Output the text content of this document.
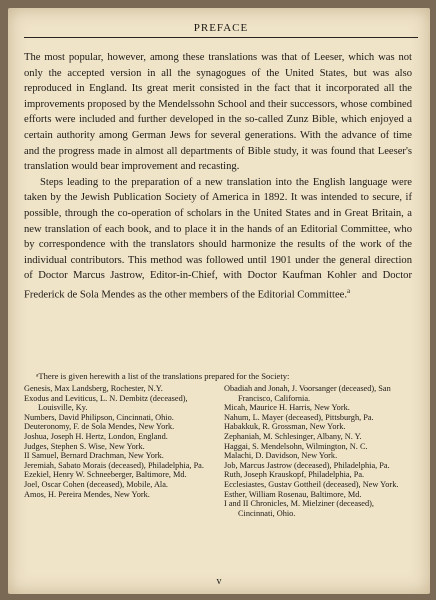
PREFACE

The most popular, however, among these translations was that of Leeser, which was not only the accepted version in all the synagogues of the United States, but was also reproduced in England. Its great merit consisted in the fact that it incorporated all the improvements proposed by the Mendelssohn School and their successors, whose combined efforts were included and further developed in the so-called Zunz Bible, which enjoyed a certain authority among German Jews for several generations. With the advance of time and the progress made in almost all departments of Bible study, it was found that Leeser's translation would bear improvement and recasting.

Steps leading to the preparation of a new translation into the English language were taken by the Jewish Publication Society of America in 1892. It was intended to secure, if possible, through the co-operation of scholars in the United States and in Great Britain, a new translation of each book, and to place it in the hands of an Editorial Committee, who by correspondence with the translators should harmonize the results of the work of the individual contributors. This method was followed until 1901 under the general direction of Doctor Marcus Jastrow, Editor-in-Chief, with Doctor Kaufman Kohler and Doctor Frederick de Sola Mendes as the other members of the Editorial Committee.$^a$

ᵃThere is given herewith a list of the translations prepared for the Society:
Genesis, Max Landsberg, Rochester, N.Y.
Exodus and Leviticus, L. N. Dembitz (deceased), Louisville, Ky.
Numbers, David Philipson, Cincinnati, Ohio.
Deuteronomy, F. de Sola Mendes, New York.
Joshua, Joseph H. Hertz, London, England.
Judges, Stephen S. Wise, New York.
II Samuel, Bernard Drachman, New York.
Jeremiah, Sabato Morais (deceased), Philadelphia, Pa.
Ezekiel, Henry W. Schneeberger, Baltimore, Md.
Joel, Oscar Cohen (deceased), Mobile, Ala.
Amos, H. Pereira Mendes, New York.
Obadiah and Jonah, J. Voorsanger (deceased), San Francisco, California.
Micah, Maurice H. Harris, New York.
Nahum, L. Mayer (deceased), Pittsburgh, Pa.
Habakkuk, R. Grossman, New York.
Zephaniah, M. Schlesinger, Albany, N. Y.
Haggai, S. Mendelsohn, Wilmington, N. C.
Malachi, D. Davidson, New York.
Job, Marcus Jastrow (deceased), Philadelphia, Pa.
Ruth, Joseph Krauskopf, Philadelphia, Pa.
Ecclesiastes, Gustav Gottheil (deceased), New York.
Esther, William Rosenau, Baltimore, Md.
I and II Chronicles, M. Mielziner (deceased), Cincinnati, Ohio.
v
